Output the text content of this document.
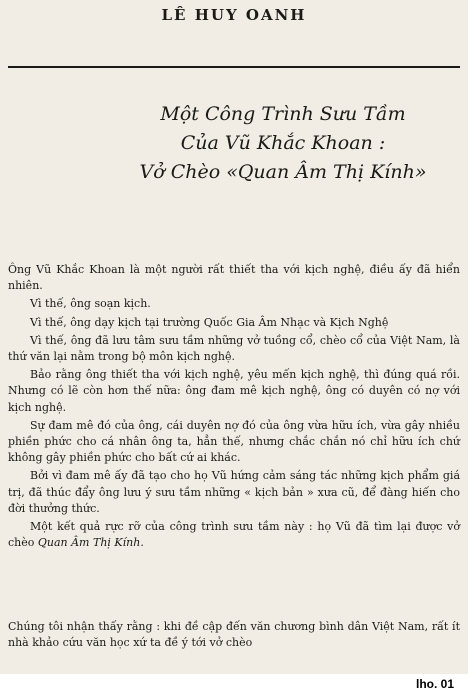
LÊ HUY OANH
Một Công Trình Sưu Tầm
Của Vũ Khắc Khoan :
Vở Chèo «Quan Âm Thị Kính»

Ông Vũ Khắc Khoan là một người rất thiết tha với kịch nghệ, điều ấy đã hiển nhiên.

Vì thế, ông soạn kịch.

Vì thế, ông dạy kịch tại trường Quốc Gia Âm Nhạc và Kịch Nghệ

Vì thế, ông đã lưu tâm sưu tầm những vở tuồng cổ, chèo cổ của Việt Nam, là thứ văn lại nằm trong bộ môn kịch nghệ.

Bảo rằng ông thiết tha với kịch nghệ, yêu mến kịch nghệ, thì đúng quá rồi. Nhưng có lẽ còn hơn thế nữa: ông đam mê kịch nghệ, ông có duyên có nợ với kịch nghệ.

Sự đam mê đó của ông, cái duyên nợ đó của ông vừa hữu ích, vừa gây nhiều phiền phức cho cá nhân ông ta, hẳn thế, nhưng chắc chắn nó chỉ hữu ích chứ không gây phiền phức cho bất cứ ai khác.

Bởi vì đam mê ấy đã tạo cho họ Vũ hứng cảm sáng tác những kịch phẩm giá trị, đã thúc đẩy ông lưu ý sưu tầm những « kịch bản » xưa cũ, để đàng hiến cho đời thưởng thức.

Một kết quả rực rỡ của công trình sưu tầm này : họ Vũ đã tìm lại được vở chèo Quan Âm Thị Kính.

Chúng tôi nhận thấy rằng : khi đề cập đến văn chương bình dân Việt Nam, rất ít nhà khảo cứu văn học xứ ta đề ý tới vở chèo

lho. 01
